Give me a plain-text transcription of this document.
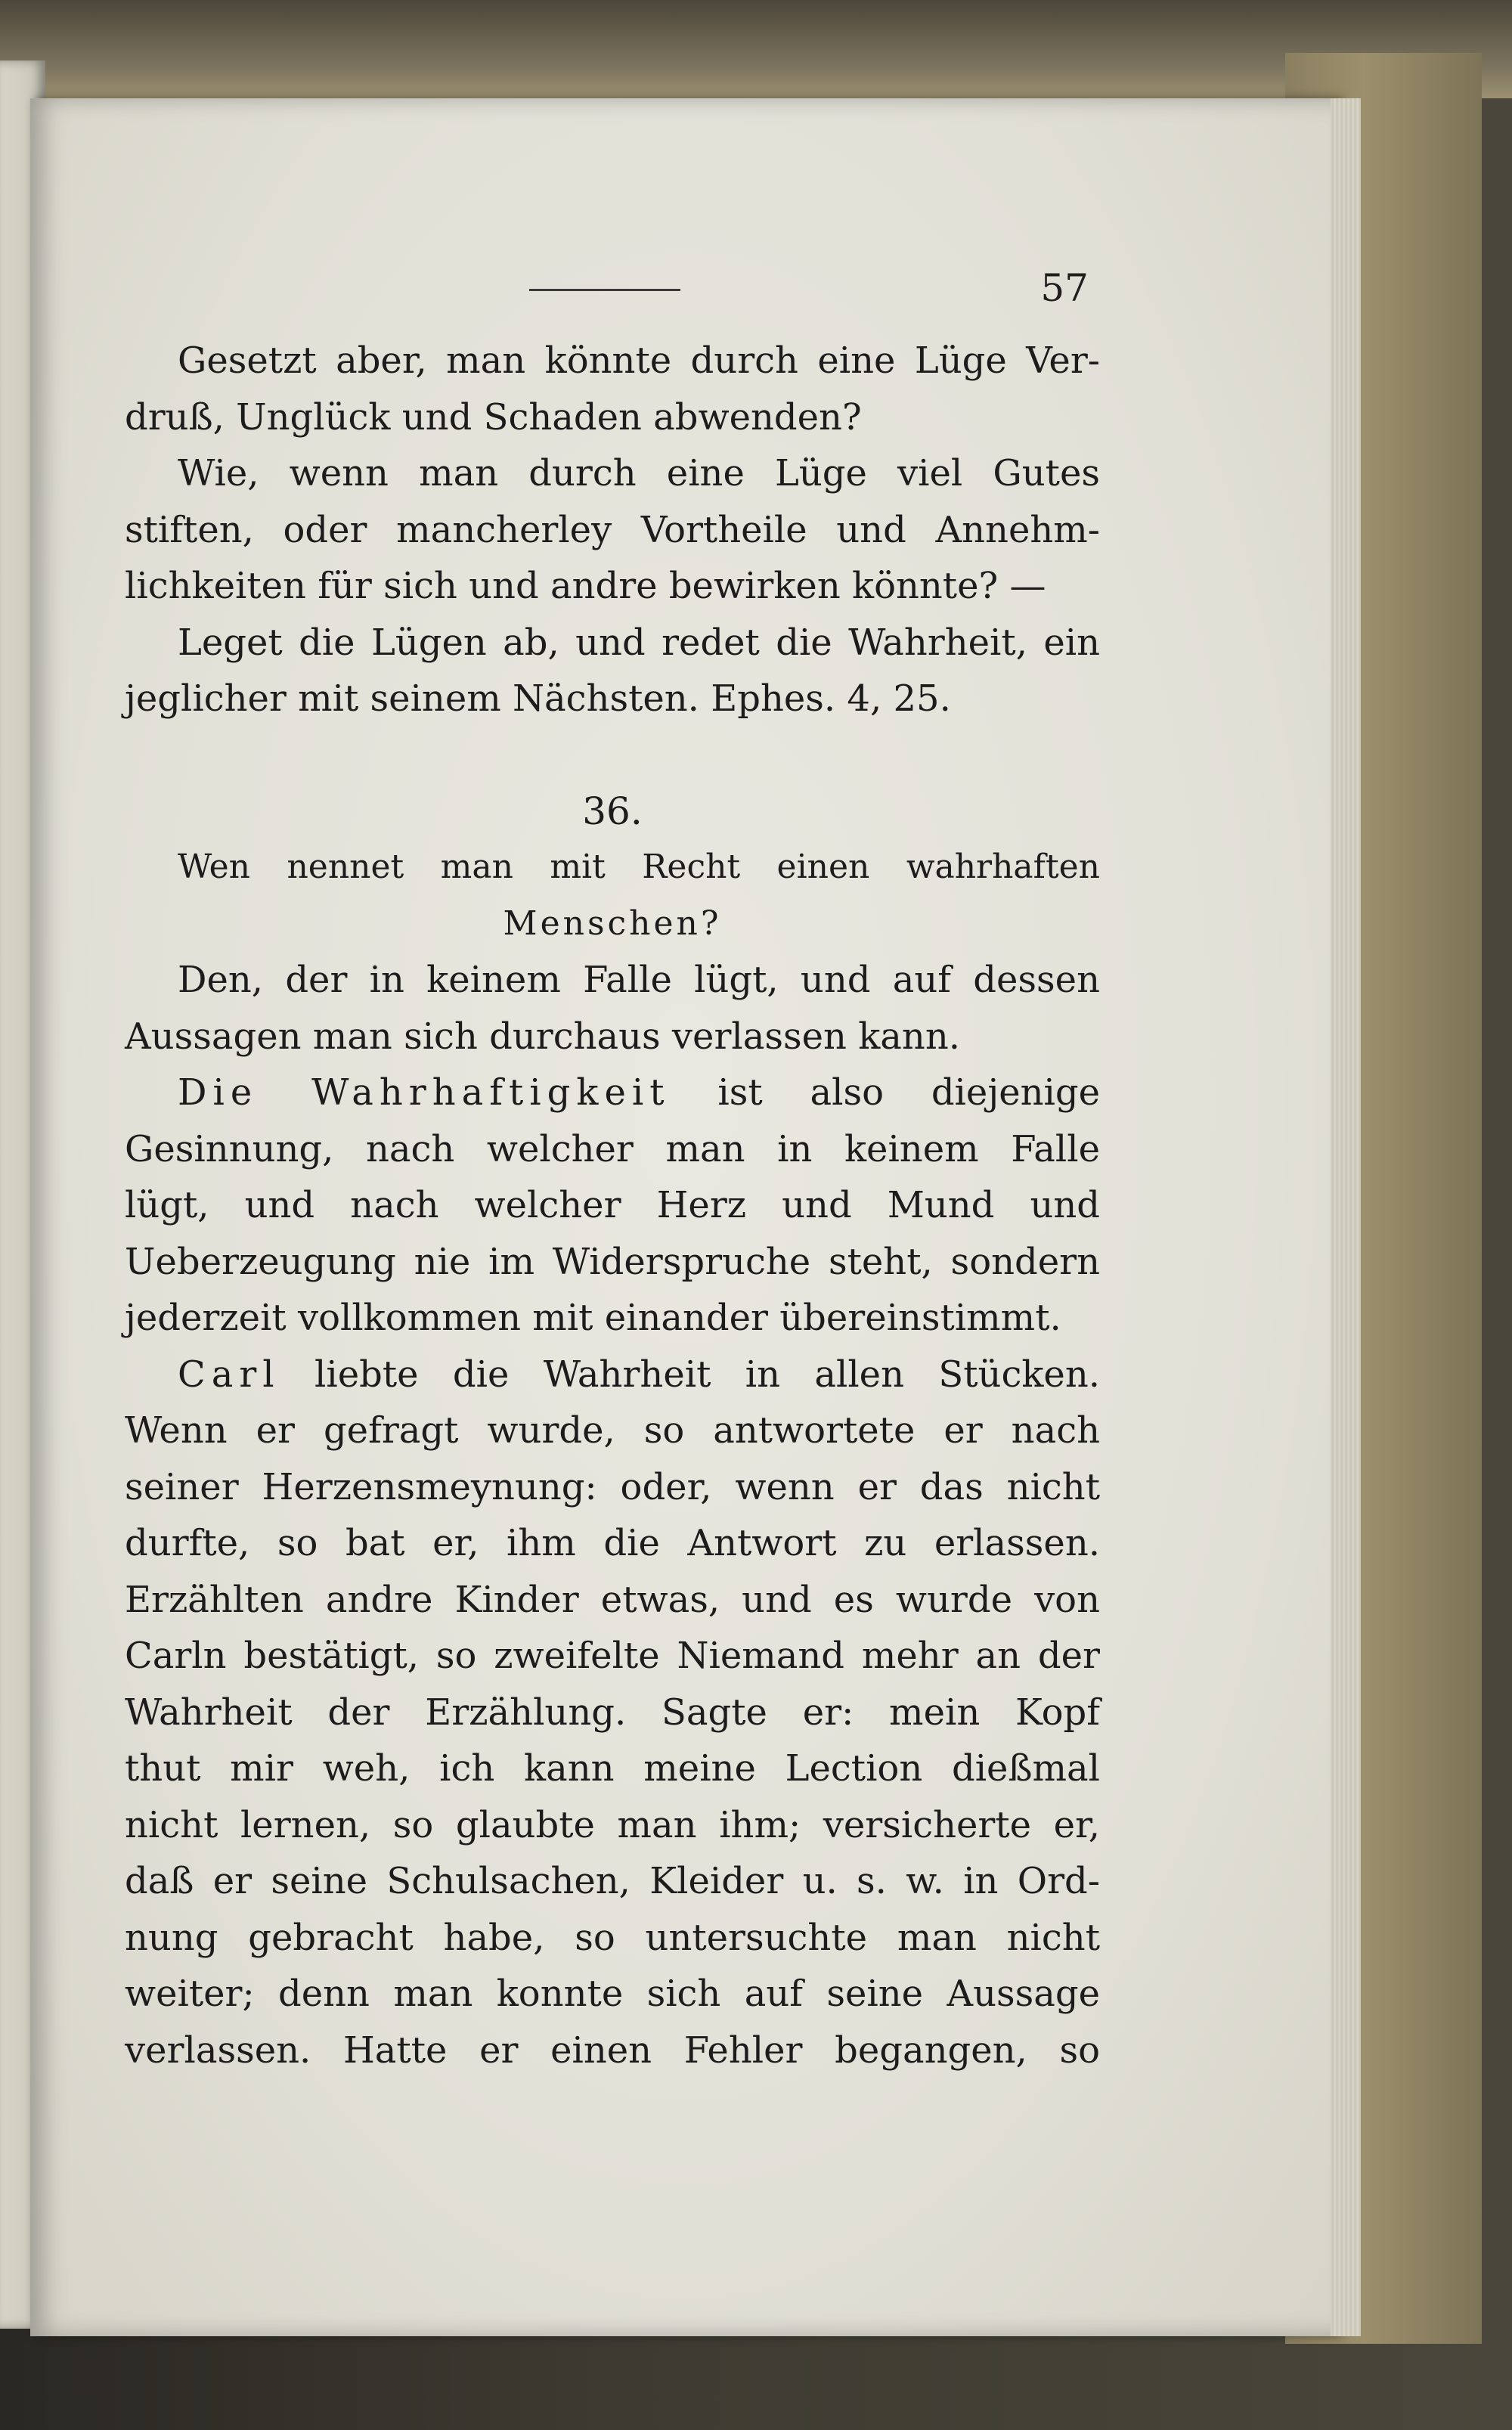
57

Gesetzt aber, man könnte durch eine Lüge Ver-

druß, Unglück und Schaden abwenden?

Wie, wenn man durch eine Lüge viel Gutes

stiften, oder mancherley Vortheile und Annehm-

lichkeiten für sich und andre bewirken könnte? —

Leget die Lügen ab, und redet die Wahrheit, ein

jeglicher mit seinem Nächsten. Ephes. 4, 25.

36.

Wen nennet man mit Recht einen wahrhaften

Menschen?

Den, der in keinem Falle lügt, und auf dessen

Aussagen man sich durchaus verlassen kann.

Die Wahrhaftigkeit ist also diejenige

Gesinnung, nach welcher man in keinem Falle

lügt, und nach welcher Herz und Mund und

Ueberzeugung nie im Widerspruche steht, sondern

jederzeit vollkommen mit einander übereinstimmt.

Carl liebte die Wahrheit in allen Stücken.

Wenn er gefragt wurde, so antwortete er nach

seiner Herzensmeynung: oder, wenn er das nicht

durfte, so bat er, ihm die Antwort zu erlassen.

Erzählten andre Kinder etwas, und es wurde von

Carln bestätigt, so zweifelte Niemand mehr an der

Wahrheit der Erzählung. Sagte er: mein Kopf

thut mir weh, ich kann meine Lection dießmal

nicht lernen, so glaubte man ihm; versicherte er,

daß er seine Schulsachen, Kleider u. s. w. in Ord-

nung gebracht habe, so untersuchte man nicht

weiter; denn man konnte sich auf seine Aussage

verlassen. Hatte er einen Fehler begangen, so
